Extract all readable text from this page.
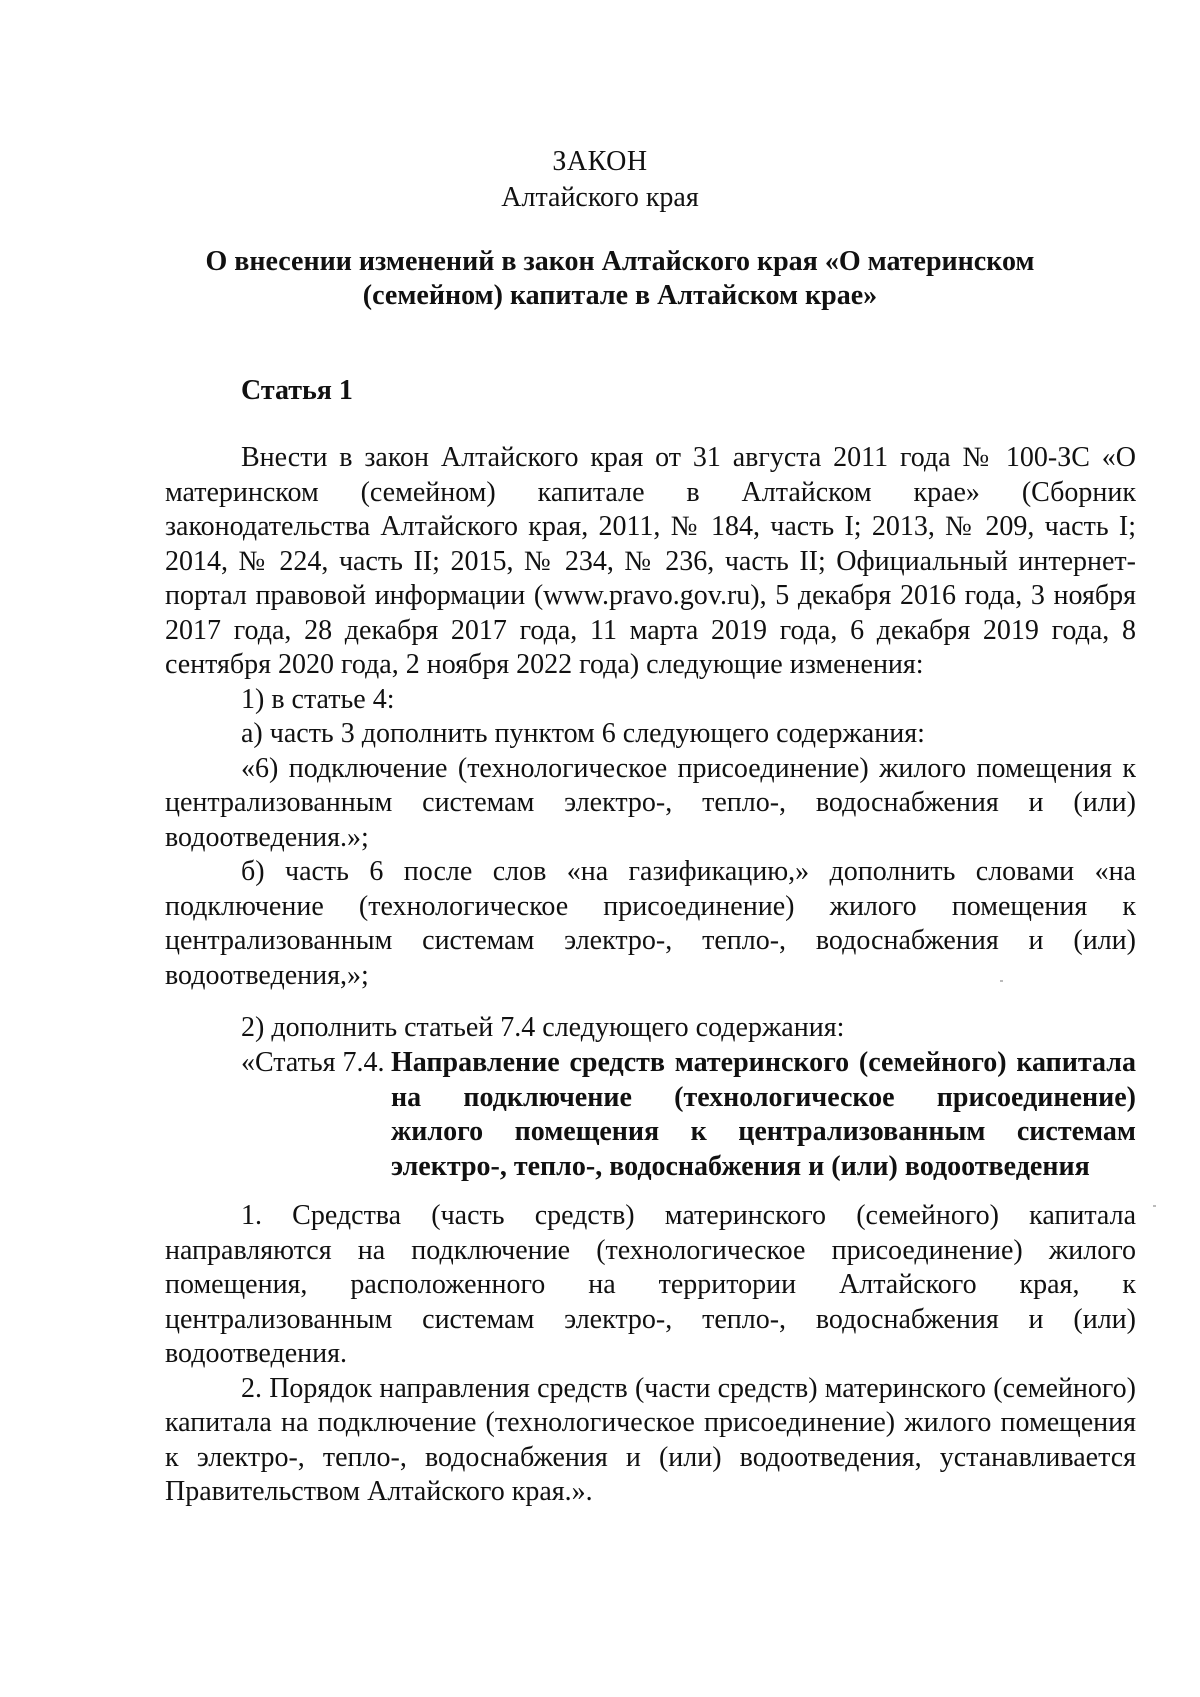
ЗАКОН
Алтайского края
О внесении изменений в закон Алтайского края «О материнском
(семейном) капитале в Алтайском крае»
Статья 1

Внести в закон Алтайского края от 31 августа 2011 года № 100-ЗС «О материнском (семейном) капитале в Алтайском крае» (Сборник законодательства Алтайского края, 2011, № 184, часть I; 2013, № 209, часть I; 2014, № 224, часть II; 2015, № 234, № 236, часть II; Официальный интернет-портал правовой информации (www.pravo.gov.ru), 5 декабря 2016 года, 3 ноября 2017 года, 28 декабря 2017 года, 11 марта 2019 года, 6 декабря 2019 года, 8 сентября 2020 года, 2 ноября 2022 года) следующие изменения:

1) в статье 4:

а) часть 3 дополнить пунктом 6 следующего содержания:

«6) подключение (технологическое присоединение) жилого помещения к централизованным системам электро-, тепло-, водоснабжения и (или) водоотведения.»;

б) часть 6 после слов «на газификацию,» дополнить словами «на подключение (технологическое присоединение) жилого помещения к централизованным системам электро-, тепло-, водоснабжения и (или) водоотведения,»;

2) дополнить статьей 7.4 следующего содержания:

«Статья 7.4. Направление средств материнского (семейного) капитала
на подключение (технологическое присоединение)
жилого помещения к централизованным системам
электро-, тепло-, водоснабжения и (или) водоотведения

1. Средства (часть средств) материнского (семейного) капитала направляются на подключение (технологическое присоединение) жилого помещения, расположенного на территории Алтайского края, к централизованным системам электро-, тепло-, водоснабжения и (или) водоотведения.

2. Порядок направления средств (части средств) материнского (семейного) капитала на подключение (технологическое присоединение) жилого помещения к электро-, тепло-, водоснабжения и (или) водоотведения, устанавливается Правительством Алтайского края.».
